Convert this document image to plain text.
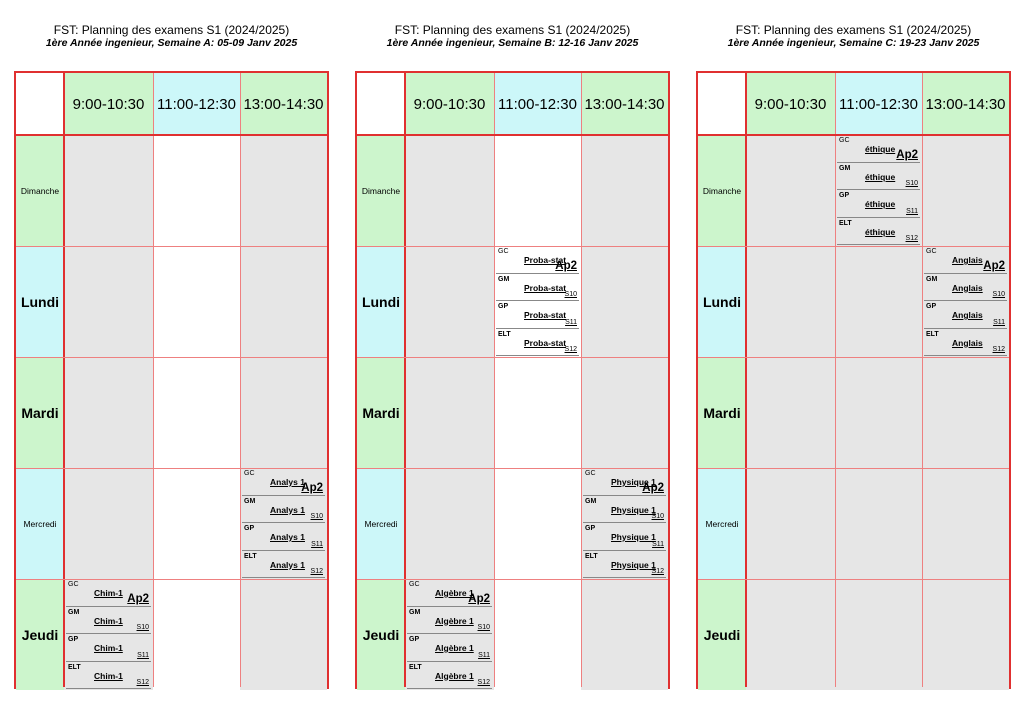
FST: Planning des examens S1 (2024/2025)
1ère Année ingenieur, Semaine A: 05-09 Janv 2025
9:00-10:30 11:00-12:30 13:00-14:30
Dimanche
Lundi
Mardi
Mercredi
Jeudi
GC
Analys 1
Ap2
GM
Analys 1
S10
GP
Analys 1
S11
ELT
Analys 1
S12
GC
Chim-1 Ap2
GM
Chim-1
S10
GP
Chim-1
S11
ELT
Chim-1
S12
FST: Planning des examens S1 (2024/2025)
1ère Année ingenieur, Semaine B: 12-16 Janv 2025
9:00-10:30 11:00-12:30 13:00-14:30
Dimanche
Lundi
Mardi
Mercredi
Jeudi
GC
Proba-stat
Ap2
GM
Proba-stat
S10
GP
Proba-stat
S11
ELT
Proba-stat
S12
GC
Physique 1
Ap2
GM
Physique 1
S10
GP
Physique 1
S11
ELT
Physique 1
S12
GC
Algèbre 1
Ap2
GM
Algèbre 1
S10
GP
Algèbre 1
S11
ELT
Algèbre 1
S12
FST: Planning des examens S1 (2024/2025)
1ère Année ingenieur, Semaine C: 19-23 Janv 2025
9:00-10:30 11:00-12:30 13:00-14:30
Dimanche
Lundi
Mardi
Mercredi
Jeudi
GC
éthique Ap2
GM
éthique
S10
GP
éthique
S11
ELT
éthique
S12
GC
Anglais Ap2
GM
Anglais
S10
GP
Anglais
S11
ELT
Anglais
S12
